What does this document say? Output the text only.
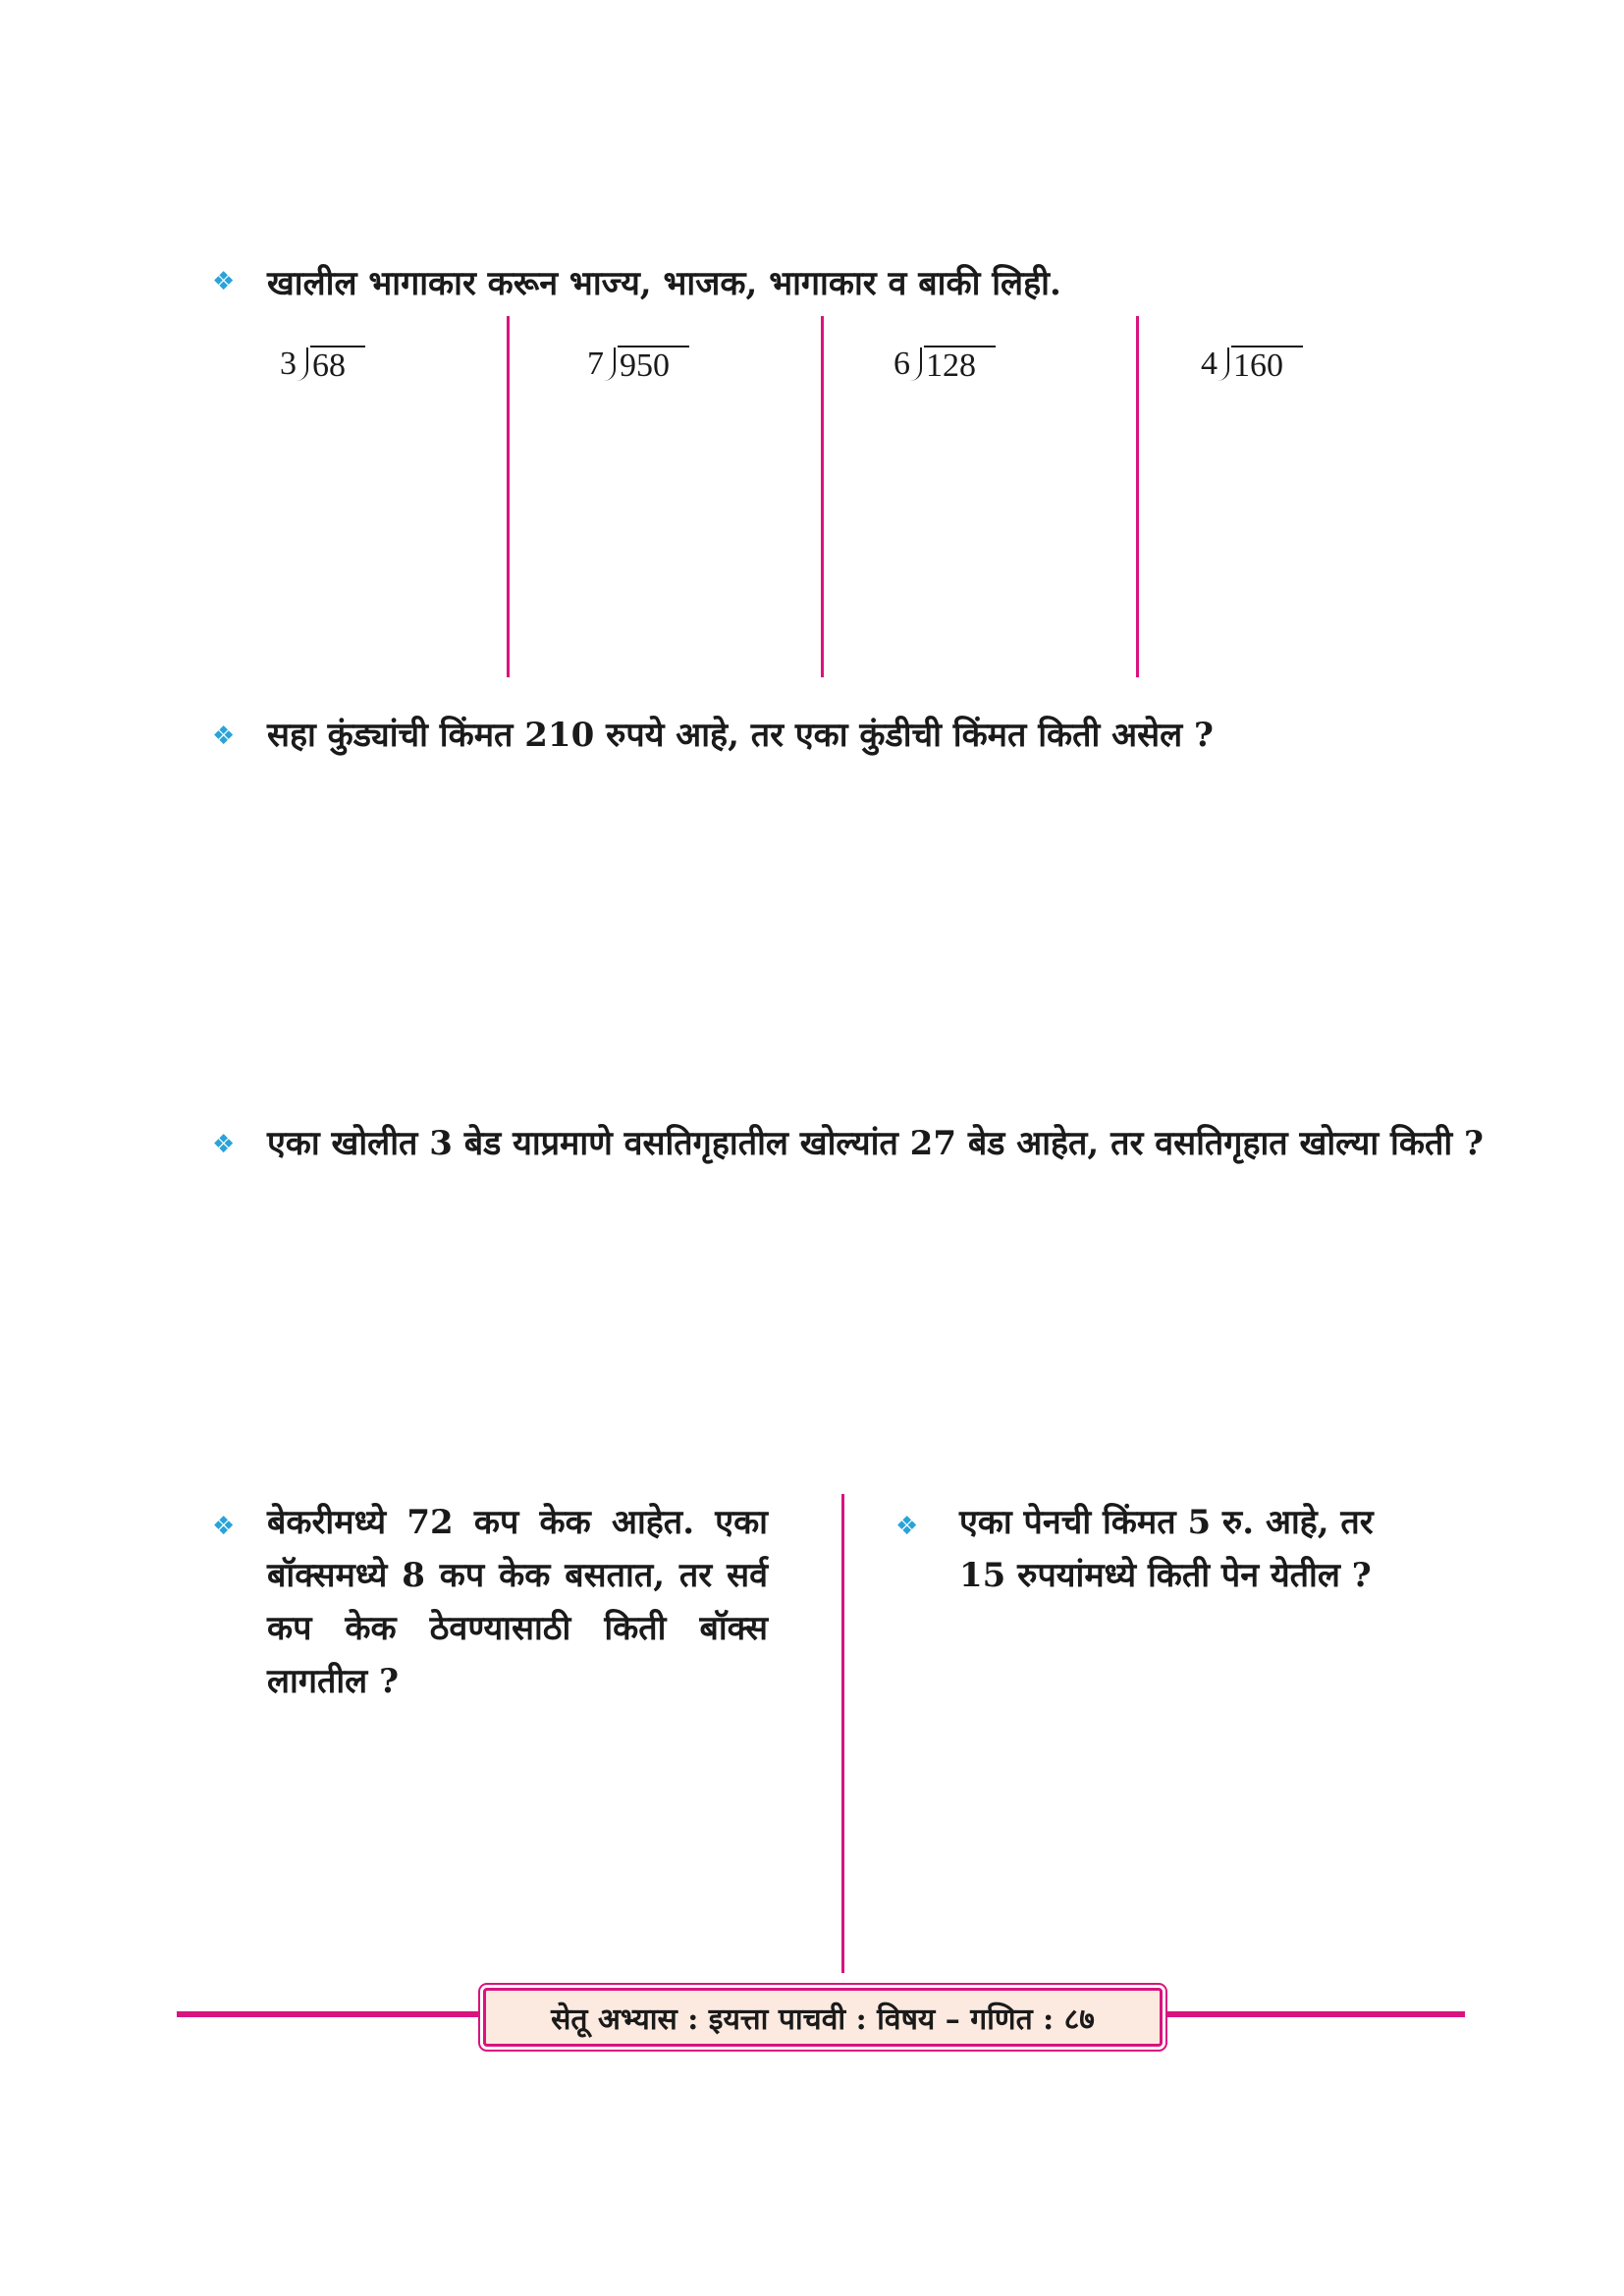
❖ खालील भागाकार करून भाज्य, भाजक, भागाकार व बाकी लिही.
3 68	7 950	6 128	4 160
❖ सहा कुंड्यांची किंमत 210 रुपये आहे, तर एका कुंडीची किंमत किती असेल ?
❖ एका खोलीत 3 बेड याप्रमाणे वसतिगृहातील खोल्यांत 27 बेड आहेत, तर वसतिगृहात खोल्या किती ?
❖ बेकरीमध्ये 72 कप केक आहेत. एका बॉक्समध्ये 8 कप केक बसतात, तर सर्व कप केक ठेवण्यासाठी किती बॉक्स लागतील ?
❖ एका पेनची किंमत 5 रु. आहे, तर 15 रुपयांमध्ये किती पेन येतील ?
सेतू अभ्यास : इयत्ता पाचवी : विषय – गणित : ८७
